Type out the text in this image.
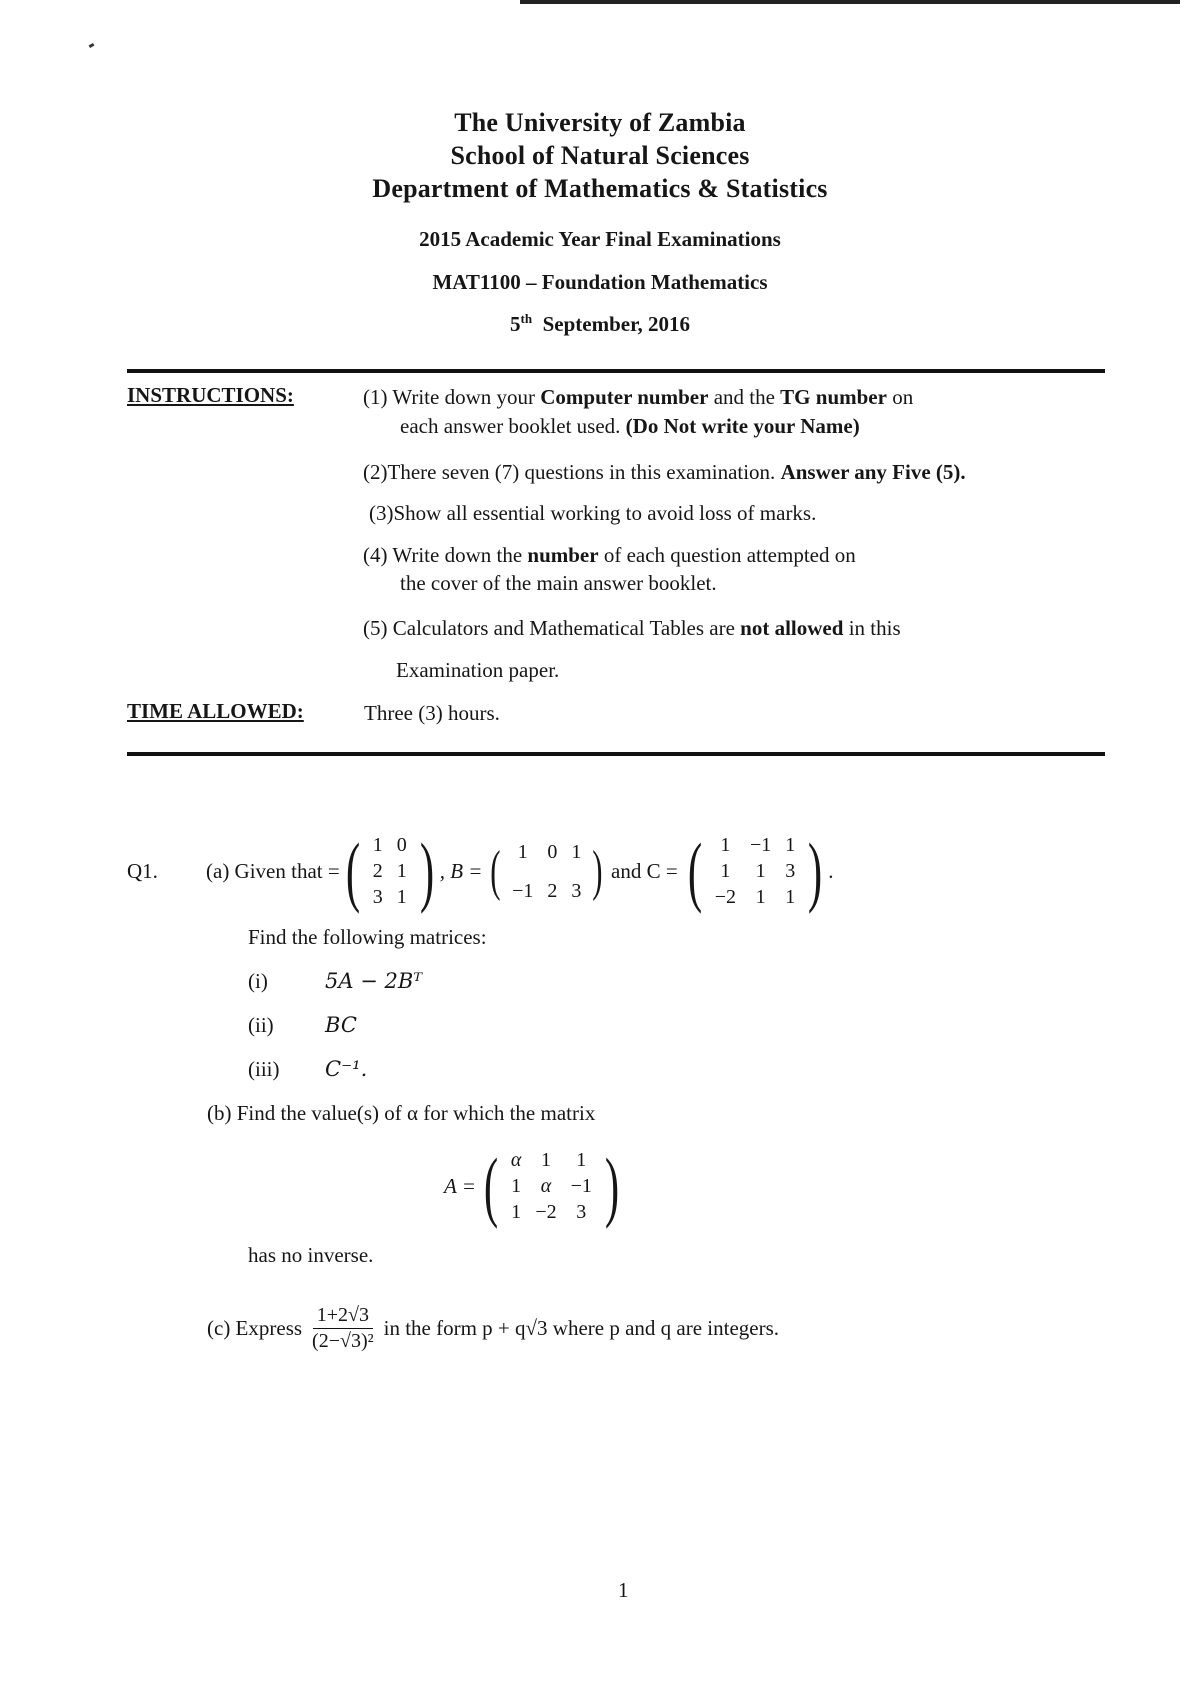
The University of Zambia
School of Natural Sciences
Department of Mathematics & Statistics
2015 Academic Year Final Examinations
MAT1100 – Foundation Mathematics
5th September, 2016
INSTRUCTIONS:	(1) Write down your Computer number and the TG number on
each answer booklet used. (Do Not write your Name)
(2)There seven (7) questions in this examination. Answer any Five (5).
(3)Show all essential working to avoid loss of marks.
(4) Write down the number of each question attempted on
the cover of the main answer booklet.
(5) Calculators and Mathematical Tables are not allowed in this
Examination paper.
TIME ALLOWED:	Three (3) hours.
Q1. (a) Given that = ( 1	0
2	1
3	1 ) , B = ( 1	0	1
−1	2	3 ) and C = ( 1	−1	1
1	1	3
−2	1	1 ) .
Find the following matrices:
(i)	5A − 2Bᵀ
(ii) BC
(iii) C⁻¹.
(b) Find the value(s) of α for which the matrix
A = ( α	1	1
1	α	−1
1	−2	3 )
has no inverse.
(c) Express $\frac{1+2√3}{\text{(2−√3)²}}$ in the form p + q√3 where p and q are integers.
1
